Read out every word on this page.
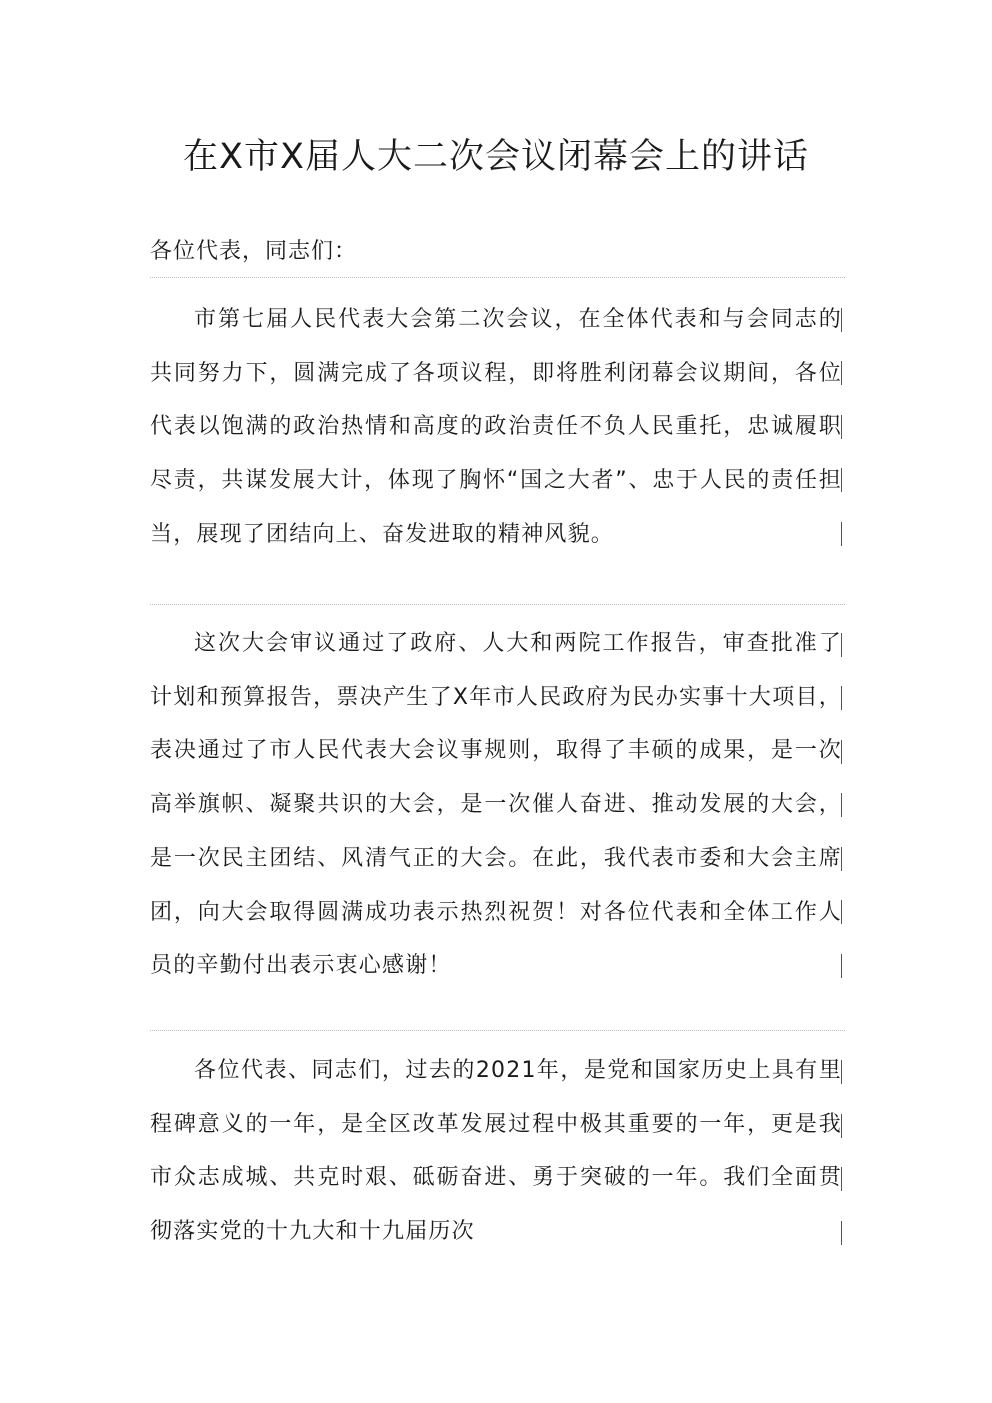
在X市X届人大二次会议闭幕会上的讲话

各位代表，同志们：

市第七届人民代表大会第二次会议，在全体代表和与会同志的共同努力下，圆满完成了各项议程，即将胜利闭幕会议期间，各位代表以饱满的政治热情和高度的政治责任不负人民重托，忠诚履职尽责，共谋发展大计，体现了胸怀“国之大者”、忠于人民的责任担当，展现了团结向上、奋发进取的精神风貌。

这次大会审议通过了政府、人大和两院工作报告，审查批准了计划和预算报告，票决产生了X年市人民政府为民办实事十大项目，表决通过了市人民代表大会议事规则，取得了丰硕的成果，是一次高举旗帜、凝聚共识的大会，是一次催人奋进、推动发展的大会，是一次民主团结、风清气正的大会。在此，我代表市委和大会主席团，向大会取得圆满成功表示热烈祝贺！对各位代表和全体工作人员的辛勤付出表示衷心感谢！

各位代表、同志们，过去的2021年，是党和国家历史上具有里程碑意义的一年，是全区改革发展过程中极其重要的一年，更是我市众志成城、共克时艰、砥砺奋进、勇于突破的一年。我们全面贯彻落实党的十九大和十九届历次
